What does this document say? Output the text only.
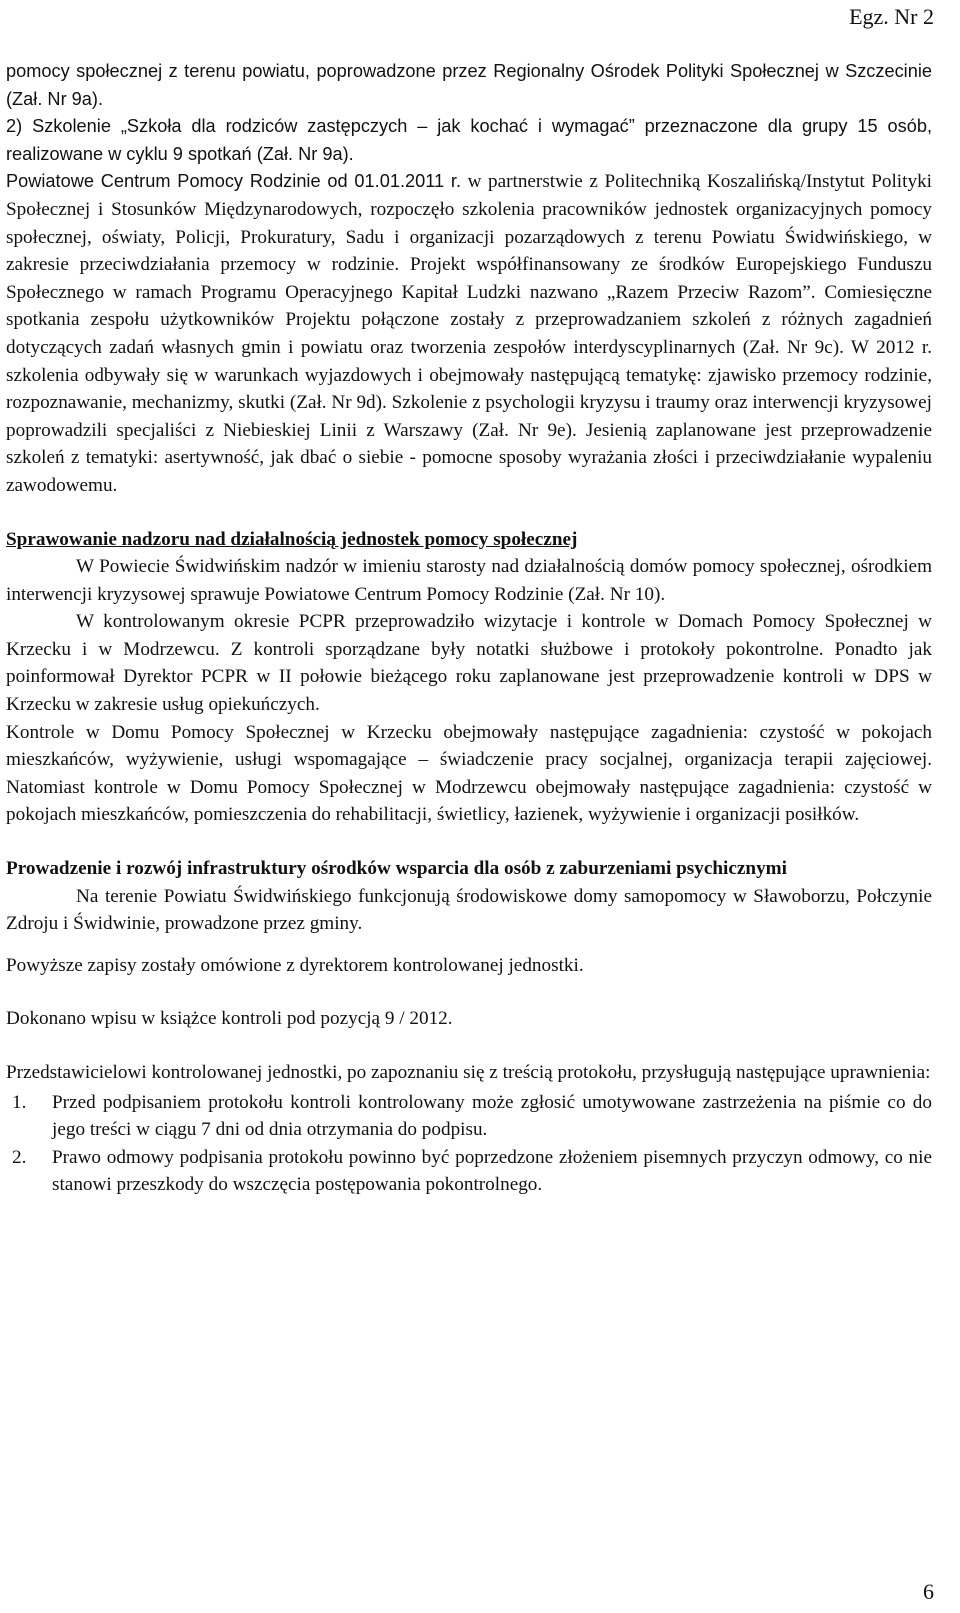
Egz. Nr 2

pomocy społecznej z terenu powiatu, poprowadzone przez Regionalny Ośrodek Polityki Społecznej w Szczecinie (Zał. Nr 9a).

2) Szkolenie „Szkoła dla rodziców zastępczych – jak kochać i wymagać” przeznaczone dla grupy 15 osób, realizowane w cyklu 9 spotkań (Zał. Nr 9a).

Powiatowe Centrum Pomocy Rodzinie od 01.01.2011 r. w partnerstwie z Politechniką Koszalińską/Instytut Polityki Społecznej i Stosunków Międzynarodowych, rozpoczęło szkolenia pracowników jednostek organizacyjnych pomocy społecznej, oświaty, Policji, Prokuratury, Sadu i organizacji pozarządowych z terenu Powiatu Świdwińskiego, w zakresie przeciwdziałania przemocy w rodzinie. Projekt współfinansowany ze środków Europejskiego Funduszu Społecznego w ramach Programu Operacyjnego Kapitał Ludzki nazwano „Razem Przeciw Razom”. Comiesięczne spotkania zespołu użytkowników Projektu połączone zostały z przeprowadzaniem szkoleń z różnych zagadnień dotyczących zadań własnych gmin i powiatu oraz tworzenia zespołów interdyscyplinarnych (Zał. Nr 9c). W 2012 r. szkolenia odbywały się w warunkach wyjazdowych i obejmowały następującą tematykę: zjawisko przemocy rodzinie, rozpoznawanie, mechanizmy, skutki (Zał. Nr 9d). Szkolenie z psychologii kryzysu i traumy oraz interwencji kryzysowej poprowadzili specjaliści z Niebieskiej Linii z Warszawy (Zał. Nr 9e). Jesienią zaplanowane jest przeprowadzenie szkoleń z tematyki: asertywność, jak dbać o siebie - pomocne sposoby wyrażania złości i przeciwdziałanie wypaleniu zawodowemu.

Sprawowanie nadzoru nad działalnością jednostek pomocy społecznej

W Powiecie Świdwińskim nadzór w imieniu starosty nad działalnością domów pomocy społecznej, ośrodkiem interwencji kryzysowej sprawuje Powiatowe Centrum Pomocy Rodzinie (Zał. Nr 10).

W kontrolowanym okresie PCPR przeprowadziło wizytacje i kontrole w Domach Pomocy Społecznej w Krzecku i w Modrzewcu. Z kontroli sporządzane były notatki służbowe i protokoły pokontrolne. Ponadto jak poinformował Dyrektor PCPR w II połowie bieżącego roku zaplanowane jest przeprowadzenie kontroli w DPS w Krzecku w zakresie usług opiekuńczych.

Kontrole w Domu Pomocy Społecznej w Krzecku obejmowały następujące zagadnienia: czystość w pokojach mieszkańców, wyżywienie, usługi wspomagające – świadczenie pracy socjalnej, organizacja terapii zajęciowej. Natomiast kontrole w Domu Pomocy Społecznej w Modrzewcu obejmowały następujące zagadnienia: czystość w pokojach mieszkańców, pomieszczenia do rehabilitacji, świetlicy, łazienek, wyżywienie i organizacji posiłków.

Prowadzenie i rozwój infrastruktury ośrodków wsparcia dla osób z zaburzeniami psychicznymi

Na terenie Powiatu Świdwińskiego funkcjonują środowiskowe domy samopomocy w Sławoborzu, Połczynie Zdroju i Świdwinie, prowadzone przez gminy.

Powyższe zapisy zostały omówione z dyrektorem kontrolowanej jednostki.

Dokonano wpisu w książce kontroli pod pozycją 9 / 2012.

Przedstawicielowi kontrolowanej jednostki, po zapoznaniu się z treścią protokołu, przysługują następujące uprawnienia:

1.	Przed podpisaniem protokołu kontroli kontrolowany może zgłosić umotywowane zastrzeżenia na piśmie co do jego treści w ciągu 7 dni od dnia otrzymania do podpisu.
2.	Prawo odmowy podpisania protokołu powinno być poprzedzone złożeniem pisemnych przyczyn odmowy, co nie stanowi przeszkody do wszczęcia postępowania pokontrolnego.
6
